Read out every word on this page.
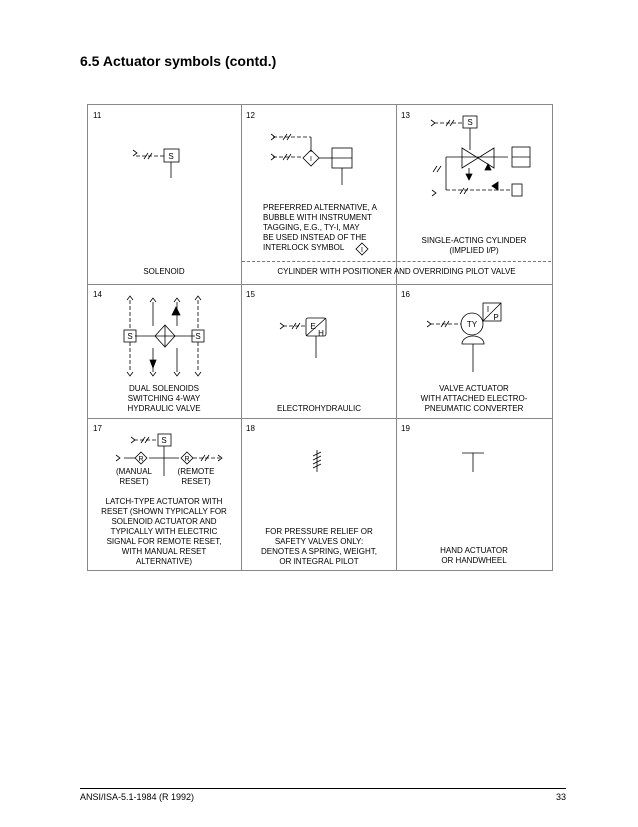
6.5 Actuator symbols (contd.)
11	12	13
14	15	16
17	18	19
SOLENOID
PREFERRED ALTERNATIVE, A
BUBBLE WITH INSTRUMENT
TAGGING, E.G., TY-I, MAY
BE USED INSTEAD OF THE
INTERLOCK SYMBOL
SINGLE-ACTING CYLINDER
(IMPLIED I/P)
CYLINDER WITH POSITIONER AND OVERRIDING PILOT VALVE
DUAL SOLENOIDS
SWITCHING 4-WAY
HYDRAULIC VALVE	ELECTROHYDRAULIC
VALVE ACTUATOR
WITH ATTACHED ELECTRO-
PNEUMATIC CONVERTER
(MANUAL
RESET)
(REMOTE
RESET)
LATCH-TYPE ACTUATOR WITH
RESET (SHOWN TYPICALLY FOR
SOLENOID ACTUATOR AND
TYPICALLY WITH ELECTRIC
SIGNAL FOR REMOTE RESET,
WITH MANUAL RESET
ALTERNATIVE)
FOR PRESSURE RELIEF OR
SAFETY VALVES ONLY:
DENOTES A SPRING, WEIGHT,
OR INTEGRAL PILOT
HAND ACTUATOR
OR HANDWHEEL
S	I
I
S
S	S
E
H
TY
I
P
S
R	R
ANSI/ISA-5.1-1984 (R 1992)	33
